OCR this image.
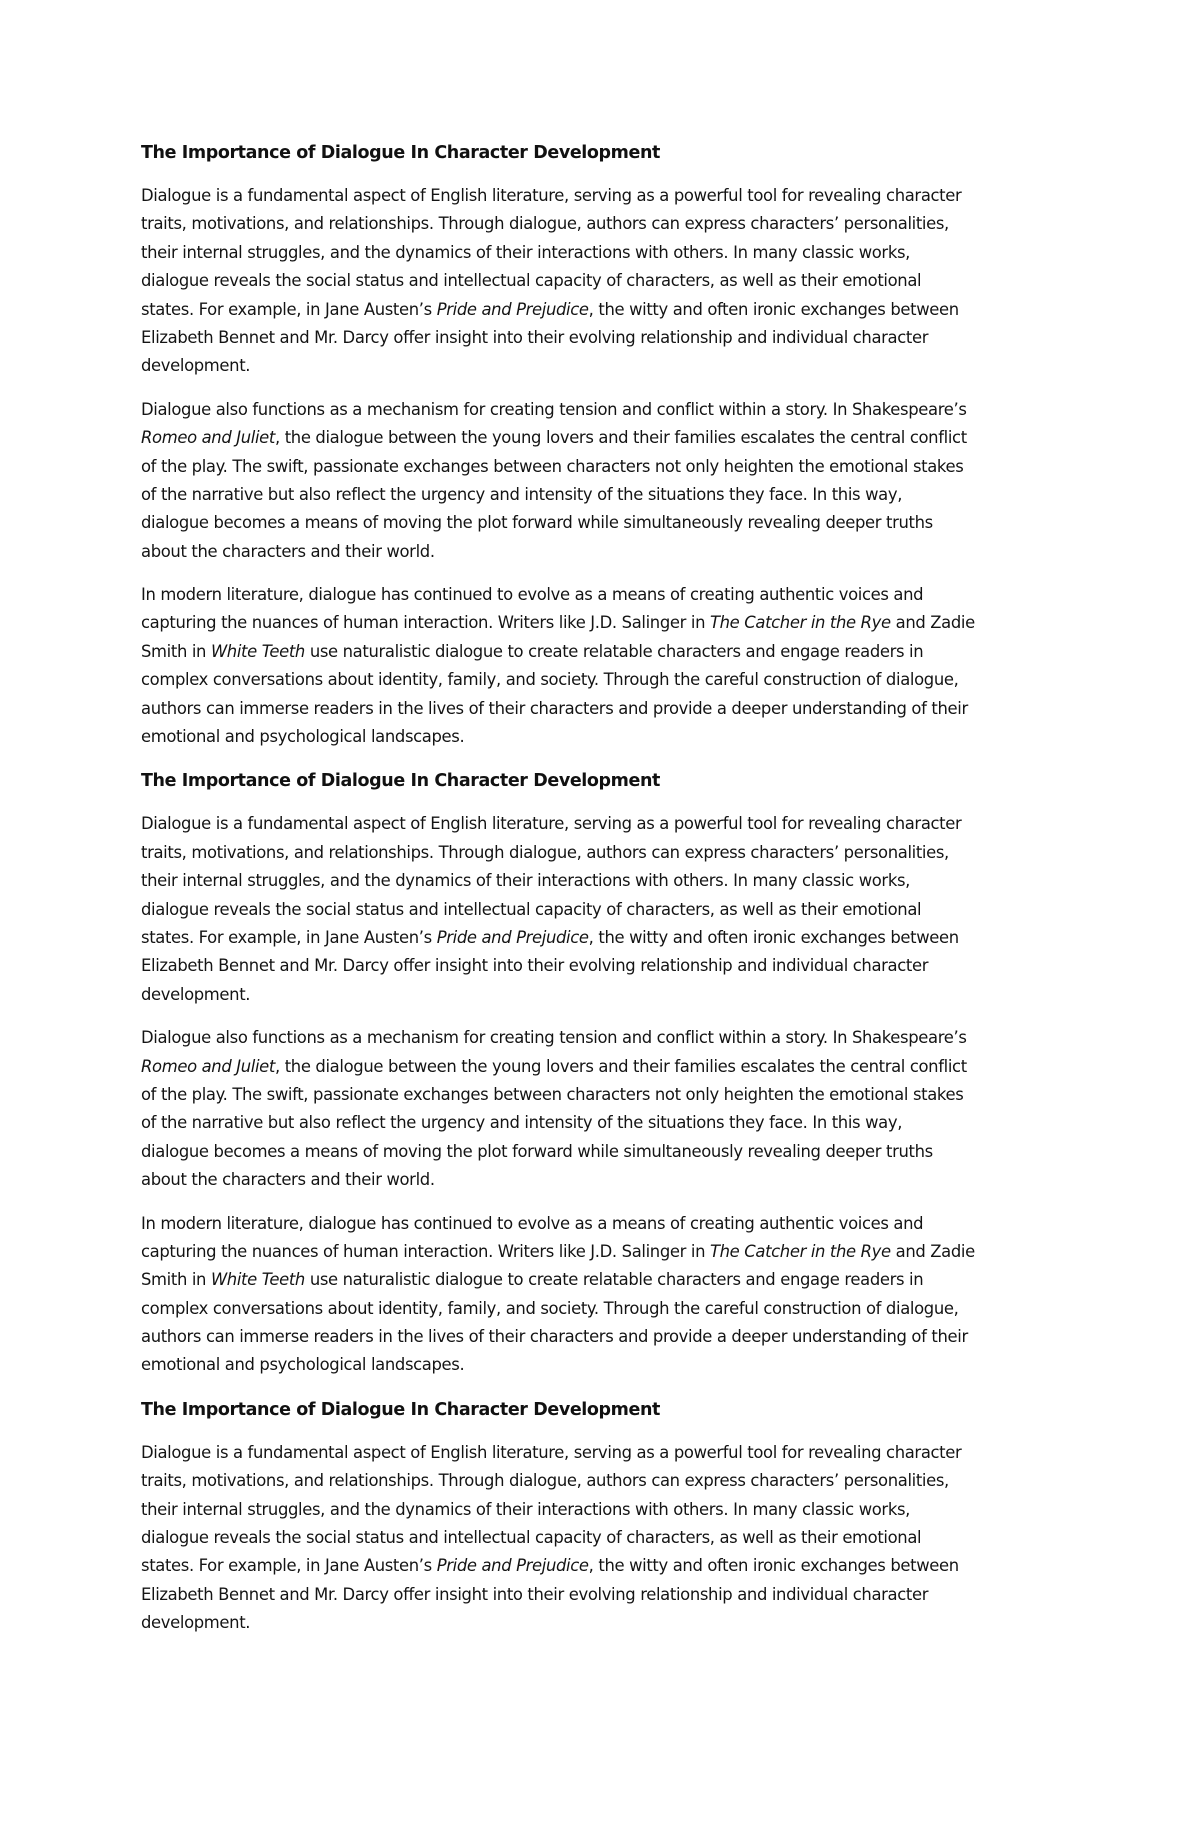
The Importance of Dialogue In Character Development
Dialogue is a fundamental aspect of English literature, serving as a powerful tool for revealing character
traits, motivations, and relationships. Through dialogue, authors can express characters’ personalities,
their internal struggles, and the dynamics of their interactions with others. In many classic works,
dialogue reveals the social status and intellectual capacity of characters, as well as their emotional
states. For example, in Jane Austen’s Pride and Prejudice, the witty and often ironic exchanges between
Elizabeth Bennet and Mr. Darcy offer insight into their evolving relationship and individual character
development.
Dialogue also functions as a mechanism for creating tension and conflict within a story. In Shakespeare’s
Romeo and Juliet, the dialogue between the young lovers and their families escalates the central conflict
of the play. The swift, passionate exchanges between characters not only heighten the emotional stakes
of the narrative but also reflect the urgency and intensity of the situations they face. In this way,
dialogue becomes a means of moving the plot forward while simultaneously revealing deeper truths
about the characters and their world.
In modern literature, dialogue has continued to evolve as a means of creating authentic voices and
capturing the nuances of human interaction. Writers like J.D. Salinger in The Catcher in the Rye and Zadie
Smith in White Teeth use naturalistic dialogue to create relatable characters and engage readers in
complex conversations about identity, family, and society. Through the careful construction of dialogue,
authors can immerse readers in the lives of their characters and provide a deeper understanding of their
emotional and psychological landscapes.
The Importance of Dialogue In Character Development
Dialogue is a fundamental aspect of English literature, serving as a powerful tool for revealing character
traits, motivations, and relationships. Through dialogue, authors can express characters’ personalities,
their internal struggles, and the dynamics of their interactions with others. In many classic works,
dialogue reveals the social status and intellectual capacity of characters, as well as their emotional
states. For example, in Jane Austen’s Pride and Prejudice, the witty and often ironic exchanges between
Elizabeth Bennet and Mr. Darcy offer insight into their evolving relationship and individual character
development.
Dialogue also functions as a mechanism for creating tension and conflict within a story. In Shakespeare’s
Romeo and Juliet, the dialogue between the young lovers and their families escalates the central conflict
of the play. The swift, passionate exchanges between characters not only heighten the emotional stakes
of the narrative but also reflect the urgency and intensity of the situations they face. In this way,
dialogue becomes a means of moving the plot forward while simultaneously revealing deeper truths
about the characters and their world.
In modern literature, dialogue has continued to evolve as a means of creating authentic voices and
capturing the nuances of human interaction. Writers like J.D. Salinger in The Catcher in the Rye and Zadie
Smith in White Teeth use naturalistic dialogue to create relatable characters and engage readers in
complex conversations about identity, family, and society. Through the careful construction of dialogue,
authors can immerse readers in the lives of their characters and provide a deeper understanding of their
emotional and psychological landscapes.
The Importance of Dialogue In Character Development
Dialogue is a fundamental aspect of English literature, serving as a powerful tool for revealing character
traits, motivations, and relationships. Through dialogue, authors can express characters’ personalities,
their internal struggles, and the dynamics of their interactions with others. In many classic works,
dialogue reveals the social status and intellectual capacity of characters, as well as their emotional
states. For example, in Jane Austen’s Pride and Prejudice, the witty and often ironic exchanges between
Elizabeth Bennet and Mr. Darcy offer insight into their evolving relationship and individual character
development.
